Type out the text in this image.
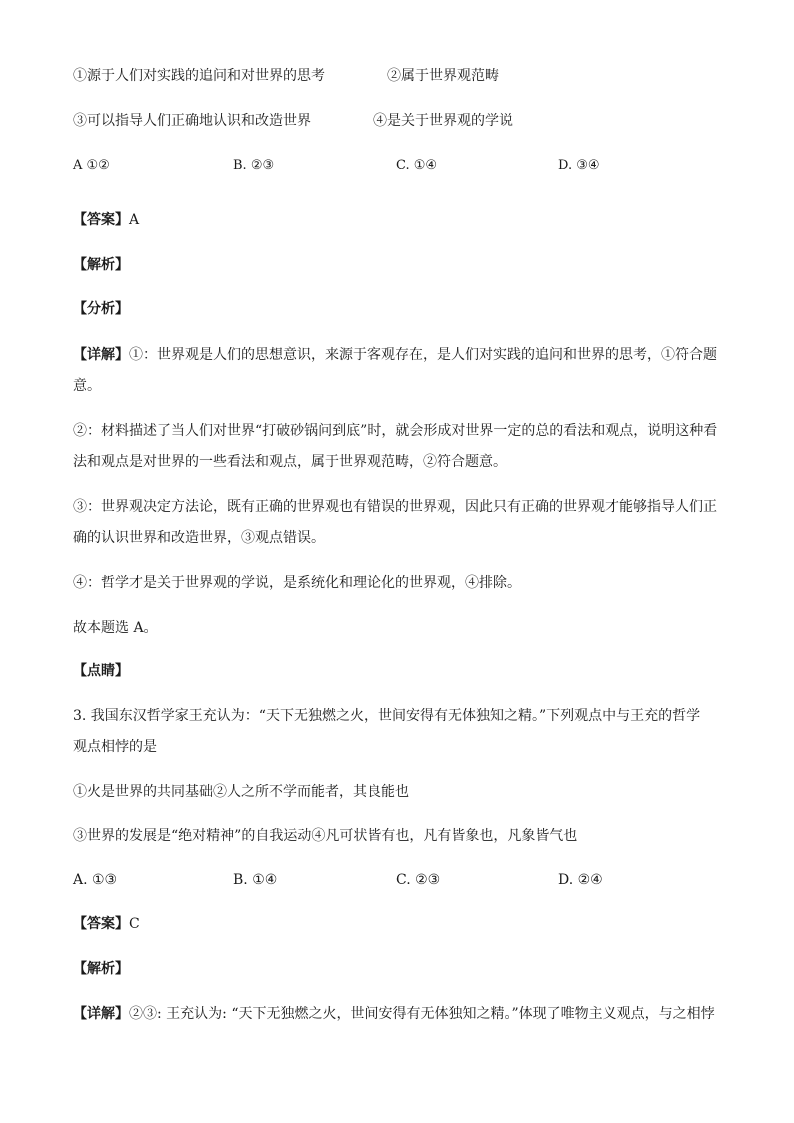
①源于人们对实践的追问和对世界的思考	②属于世界观范畴
③可以指导人们正确地认识和改造世界	④是关于世界观的学说
A ①②	B. ②③	C. ①④	D. ③④
【答案】A
【解析】
【分析】
【详解】①：世界观是人们的思想意识，来源于客观存在，是人们对实践的追问和世界的思考，①符合题
意。
②：材料描述了当人们对世界“打破砂锅问到底”时，就会形成对世界一定的总的看法和观点，说明这种看
法和观点是对世界的一些看法和观点，属于世界观范畴，②符合题意。
③：世界观决定方法论，既有正确的世界观也有错误的世界观，因此只有正确的世界观才能够指导人们正
确的认识世界和改造世界，③观点错误。
④：哲学才是关于世界观的学说，是系统化和理论化的世界观，④排除。
故本题选 A。
【点睛】
3. 我国东汉哲学家王充认为：“天下无独燃之火，世间安得有无体独知之精。”下列观点中与王充的哲学
观点相悖的是
①火是世界的共同基础②人之所不学而能者，其良能也
③世界的发展是“绝对精神”的自我运动④凡可状皆有也，凡有皆象也，凡象皆气也
A. ①③	B. ①④	C. ②③	D. ②④
【答案】C
【解析】
【详解】②③: 王充认为: “天下无独燃之火，世间安得有无体独知之精。”体现了唯物主义观点，与之相悖
